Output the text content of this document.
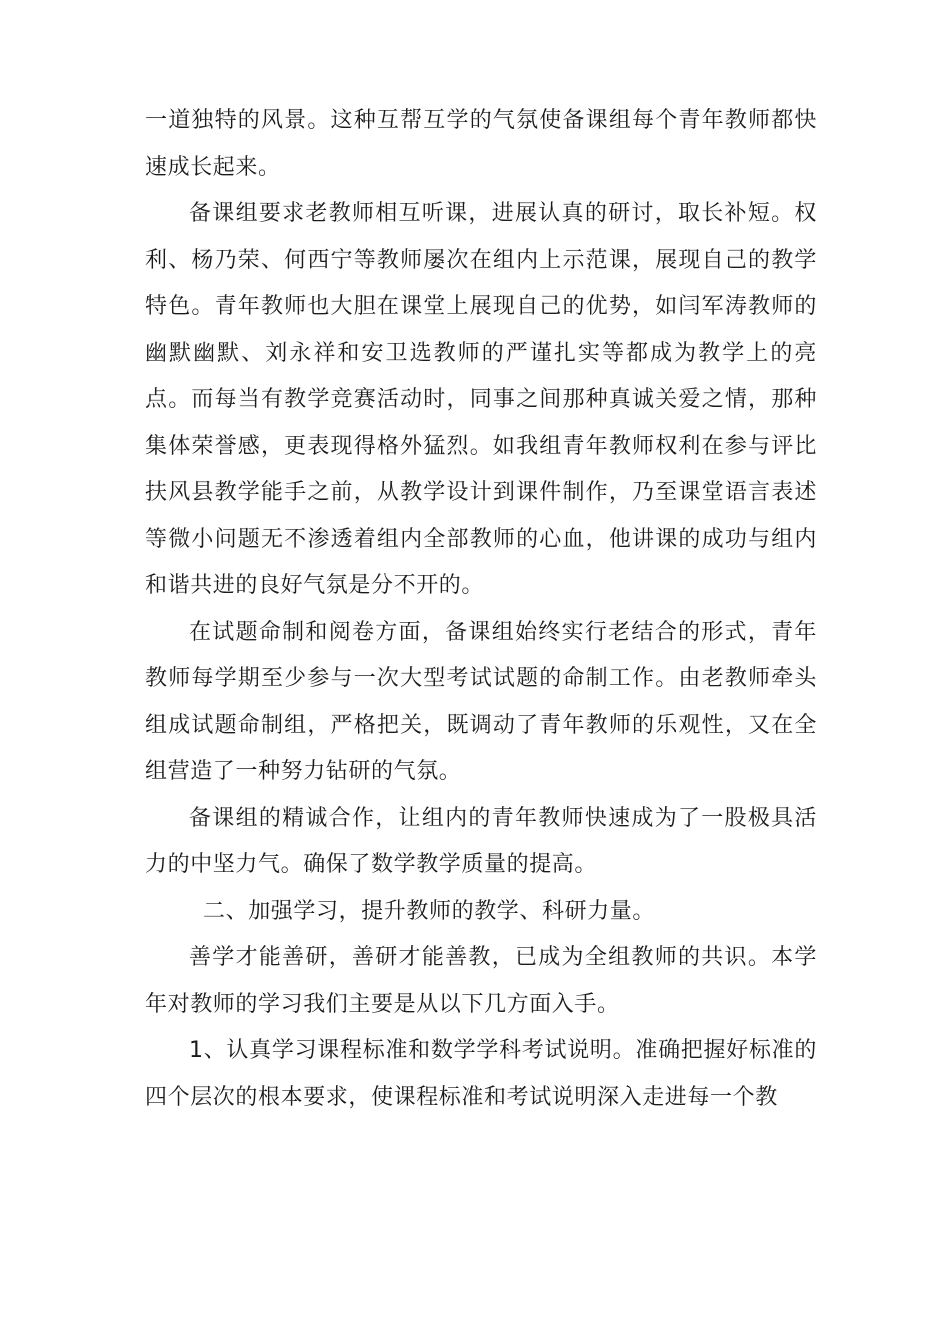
一道独特的风景。这种互帮互学的气氛使备课组每个青年教师都快速成长起来。

备课组要求老教师相互听课，进展认真的研讨，取长补短。权利、杨乃荣、何西宁等教师屡次在组内上示范课，展现自己的教学特色。青年教师也大胆在课堂上展现自己的优势，如闫军涛教师的幽默幽默、刘永祥和安卫选教师的严谨扎实等都成为教学上的亮点。而每当有教学竞赛活动时，同事之间那种真诚关爱之情，那种集体荣誉感，更表现得格外猛烈。如我组青年教师权利在参与评比扶风县教学能手之前，从教学设计到课件制作，乃至课堂语言表述等微小问题无不渗透着组内全部教师的心血，他讲课的成功与组内和谐共进的良好气氛是分不开的。

在试题命制和阅卷方面，备课组始终实行老结合的形式，青年教师每学期至少参与一次大型考试试题的命制工作。由老教师牵头组成试题命制组，严格把关，既调动了青年教师的乐观性，又在全组营造了一种努力钻研的气氛。

备课组的精诚合作，让组内的青年教师快速成为了一股极具活力的中坚力气。确保了数学教学质量的提高。

二、加强学习，提升教师的教学、科研力量。

善学才能善研，善研才能善教，已成为全组教师的共识。本学年对教师的学习我们主要是从以下几方面入手。

1、认真学习课程标准和数学学科考试说明。准确把握好标准的四个层次的根本要求，使课程标准和考试说明深入走进每一个教
